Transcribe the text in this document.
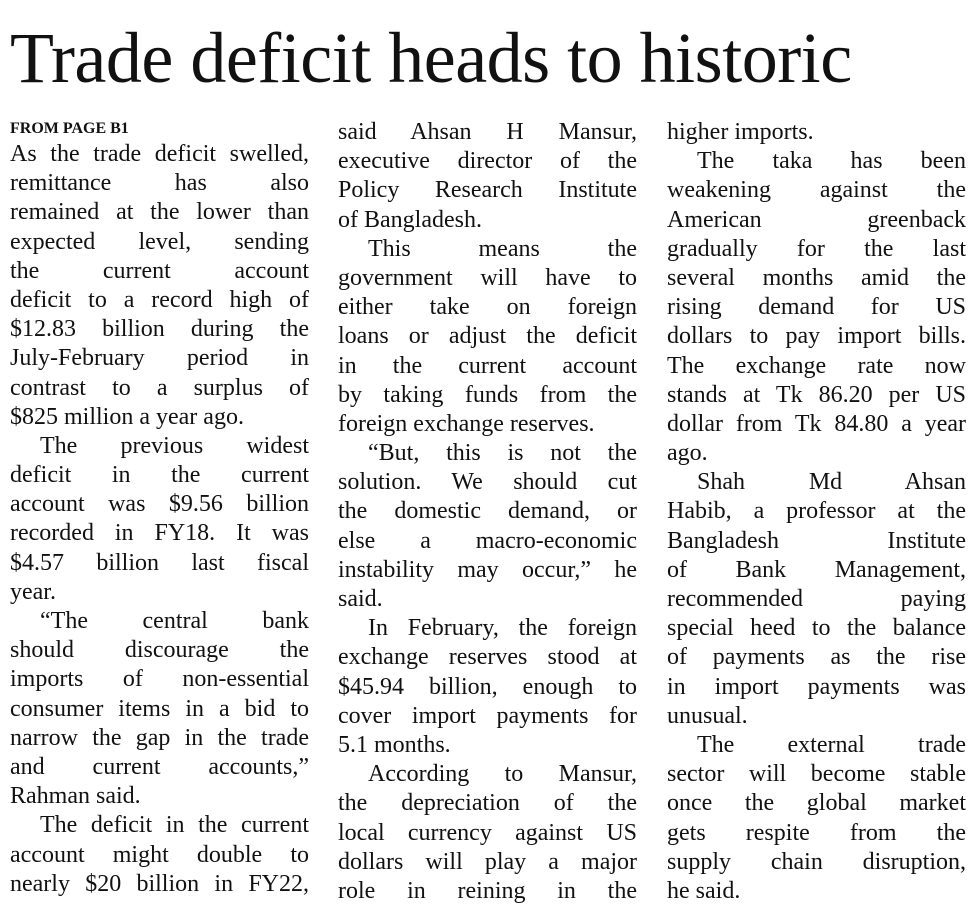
Trade deficit heads to historic
FROM PAGE B1
As the trade deficit swelled,
remittance has also
remained at the lower than
expected level, sending
the current account
deficit to a record high of
$12.83 billion during the
July-February period in
contrast to a surplus of
$825 million a year ago.
The previous widest
deficit in the current
account was $9.56 billion
recorded in FY18. It was
$4.57 billion last fiscal
year.
“The central bank
should discourage the
imports of non-essential
consumer items in a bid to
narrow the gap in the trade
and current accounts,”
Rahman said.
The deficit in the current
account might double to
nearly $20 billion in FY22,
said Ahsan H Mansur,
executive director of the
Policy Research Institute
of Bangladesh.
This means the
government will have to
either take on foreign
loans or adjust the deficit
in the current account
by taking funds from the
foreign exchange reserves.
“But, this is not the
solution. We should cut
the domestic demand, or
else a macro-economic
instability may occur,” he
said.
In February, the foreign
exchange reserves stood at
$45.94 billion, enough to
cover import payments for
5.1 months.
According to Mansur,
the depreciation of the
local currency against US
dollars will play a major
role in reining in the
higher imports.
The taka has been
weakening against the
American greenback
gradually for the last
several months amid the
rising demand for US
dollars to pay import bills.
The exchange rate now
stands at Tk 86.20 per US
dollar from Tk 84.80 a year
ago.
Shah Md Ahsan
Habib, a professor at the
Bangladesh Institute
of Bank Management,
recommended paying
special heed to the balance
of payments as the rise
in import payments was
unusual.
The external trade
sector will become stable
once the global market
gets respite from the
supply chain disruption,
he said.
